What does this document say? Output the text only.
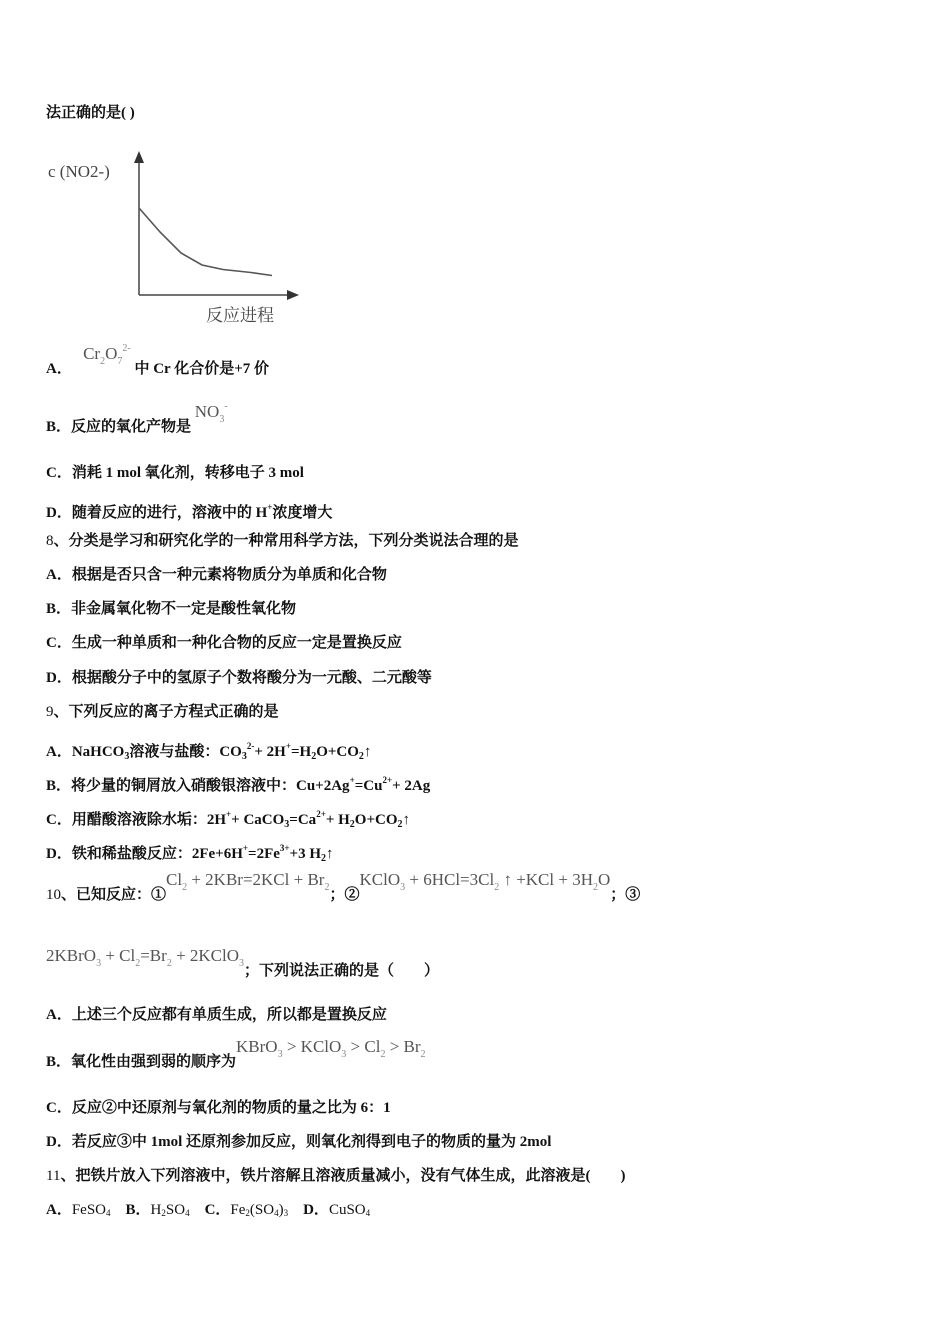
c (NO2-)
反应进程
法正确的是( )
A．   $Cr^2O^{72-}$ 中 Cr 化合价是+7 价
B．反应的氧化产物是 $NO^{3-}$
C．消耗 1 mol 氧化剂，转移电子 3 mol
D．随着反应的进行，溶液中的 H+浓度增大
8、分类是学习和研究化学的一种常用科学方法，下列分类说法合理的是
A．根据是否只含一种元素将物质分为单质和化合物
B．非金属氧化物不一定是酸性氧化物
C．生成一种单质和一种化合物的反应一定是置换反应
D．根据酸分子中的氢原子个数将酸分为一元酸、二元酸等
9、下列反应的离子方程式正确的是
A．NaHCO$_3$溶液与盐酸：$CO_3^{2-}+$ $2H^+=H_2O+CO_2↑$
B．将少量的铜屑放入硝酸银溶液中：$Cu+2Ag^+=Cu^{2+}+ 2Ag$
C．用醋酸溶液除水垢：$2H^++ CaCO_3=Ca^{2+}+$ $H_2O+CO_2↑$
D．铁和稀盐酸反应：$2Fe+6H^+=2Fe^{3+}+3$ $H_2↑$
10、已知反应：$①Cl^2 + 2KBr=2KCl + Br^2$；②KClO$^3$ + $6HCl=3Cl^2$ ↑ $+KCl + 3H^2O$；③
2KBrO$^3$ + $Cl^2=Br^2$ + 2KClO$^3$；下列说法正确的是（　　）
A．上述三个反应都有单质生成，所以都是置换反应
B．氧化性由强到弱的顺序为KBrO$^3$ > KClO$^3$ > $Cl^2 > Br^2$
C．反应②中还原剂与氧化剂的物质的量之比为 6：1
D．若反应③中 1mol 还原剂参加反应，则氧化剂得到电子的物质的量为 2mol
11、把铁片放入下列溶液中，铁片溶解且溶液质量减小，没有气体生成，此溶液是(　　)
A．FeSO4　B．H2SO4　C．Fe2(SO4)3　D．CuSO4
